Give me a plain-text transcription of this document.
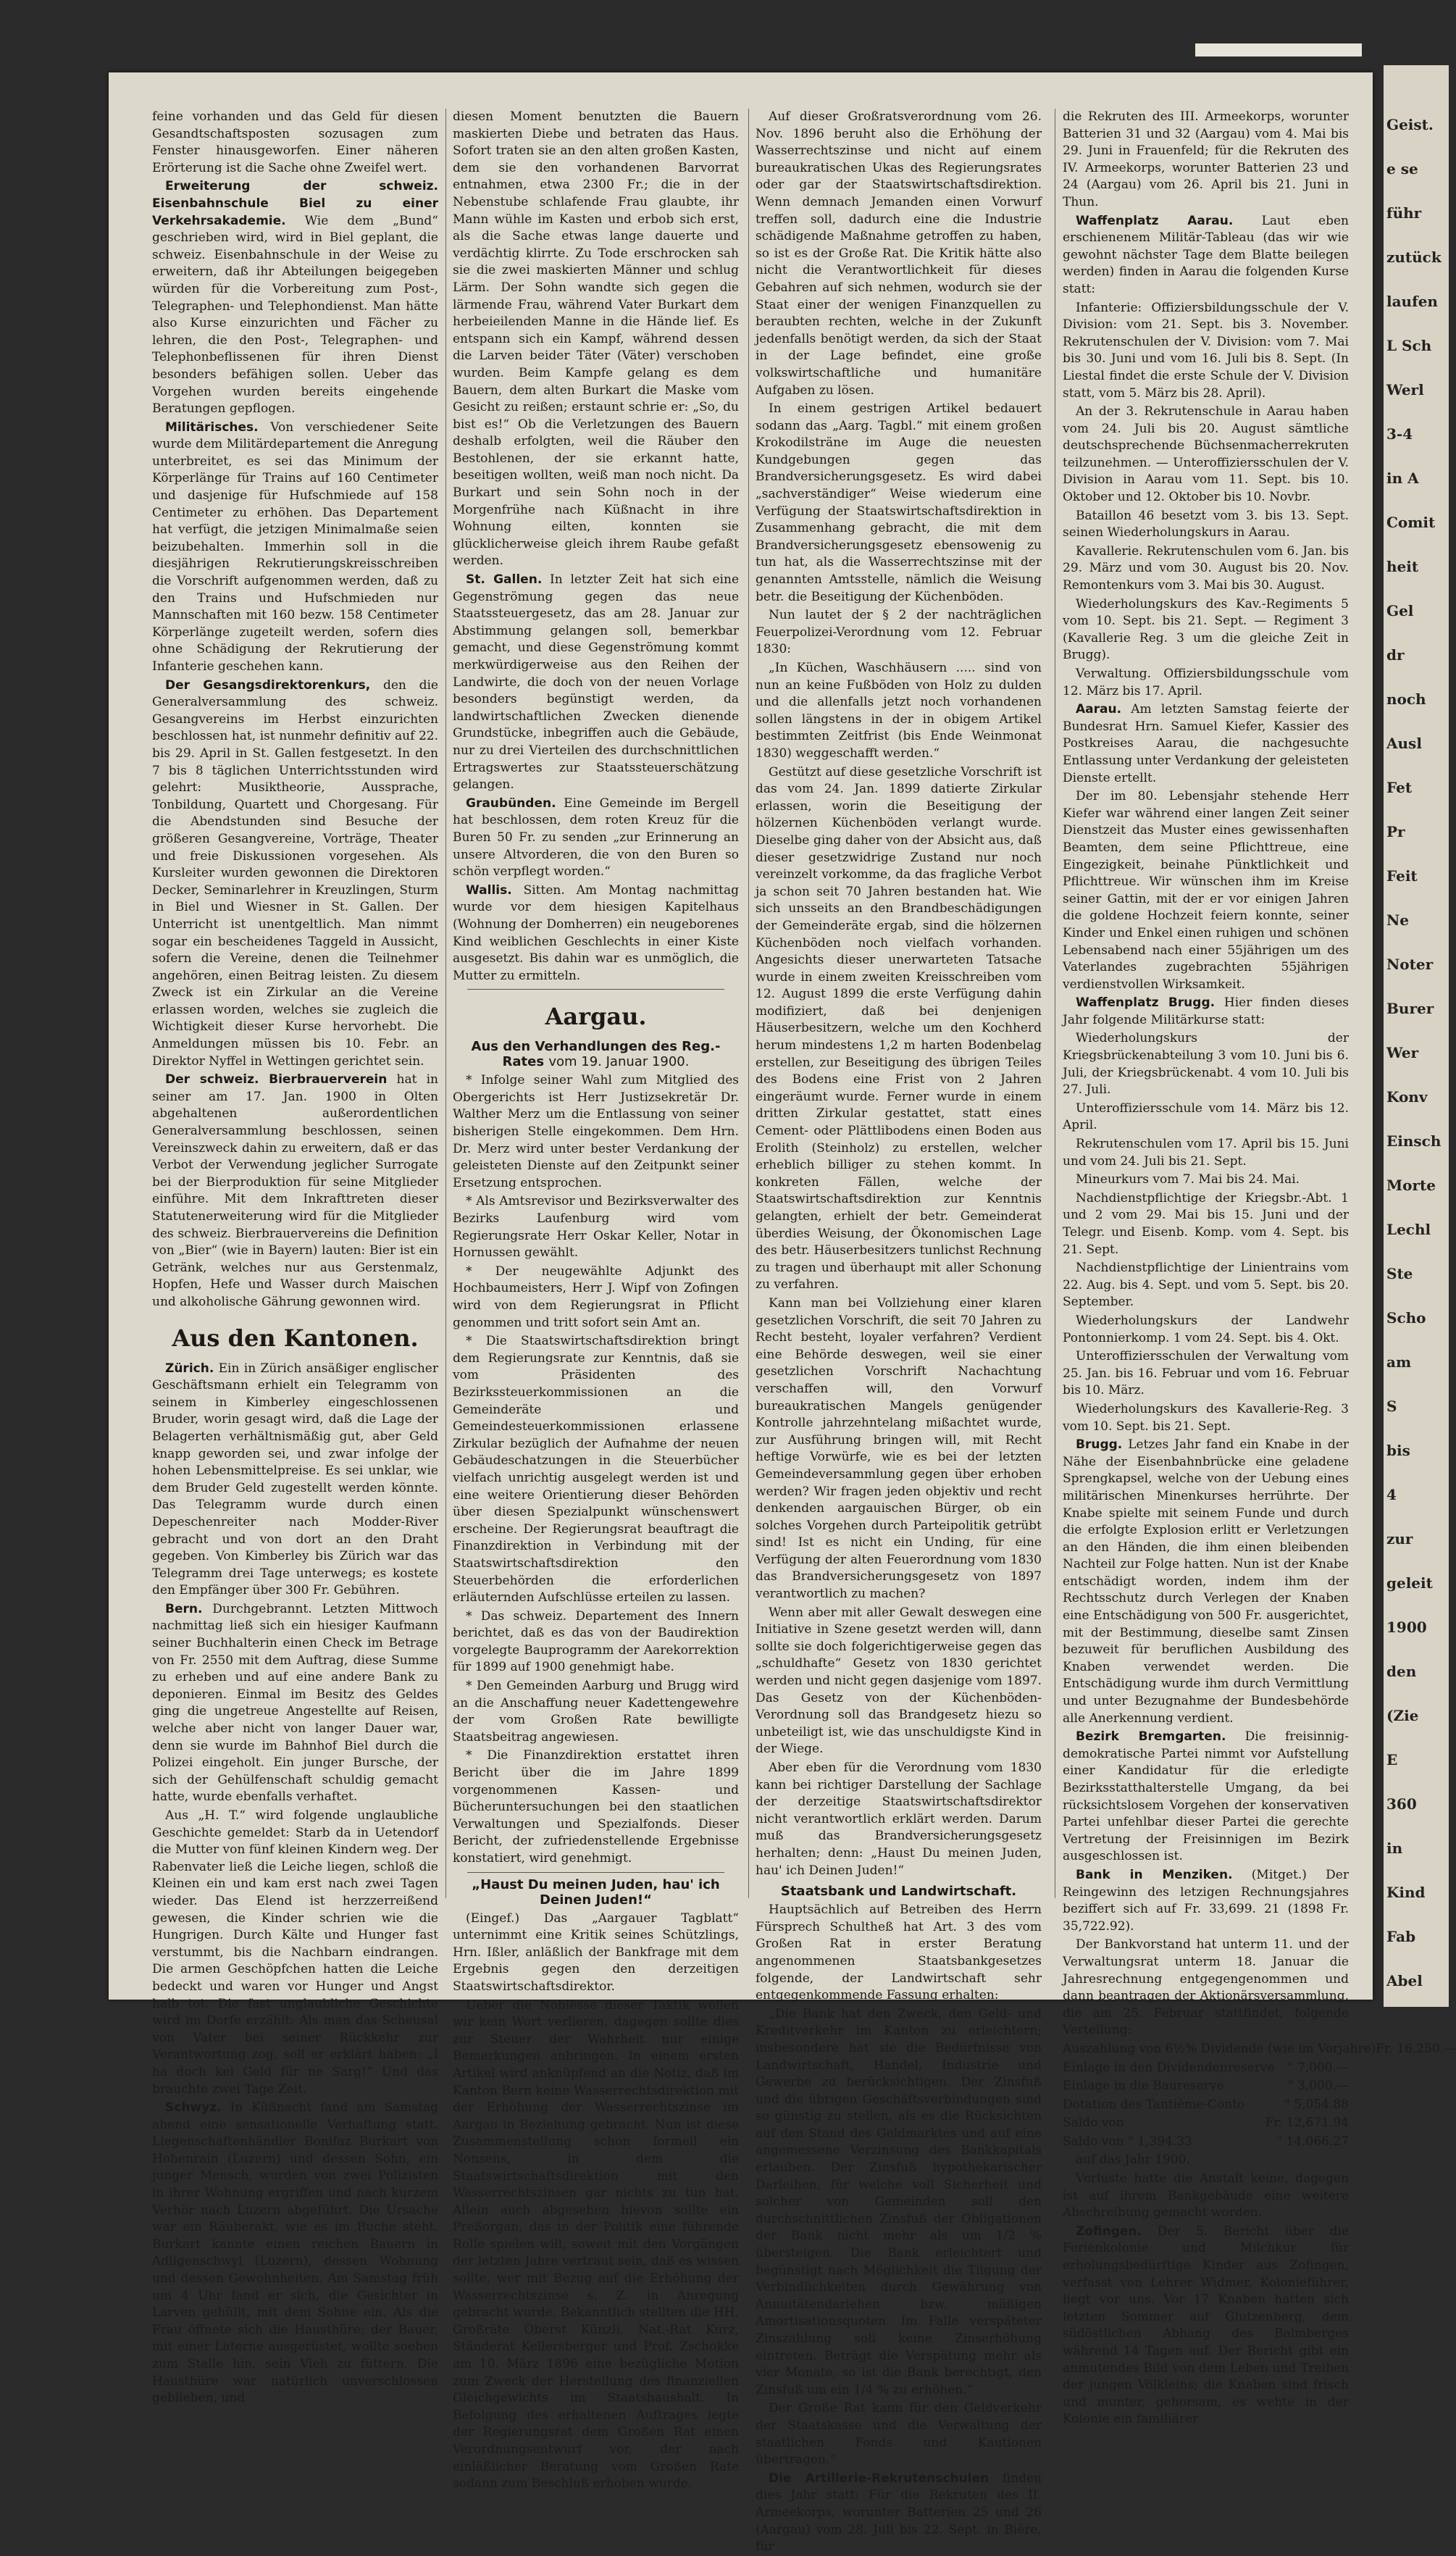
feine vorhanden und das Geld für diesen Gesandtschaftsposten sozusagen zum Fenster hinausgeworfen. Einer näheren Erörterung ist die Sache ohne Zweifel wert.

Erweiterung der schweiz. Eisenbahnschule Biel zu einer Verkehrsakademie. Wie dem „Bund“ geschrieben wird, wird in Biel geplant, die schweiz. Eisenbahnschule in der Weise zu erweitern, daß ihr Abteilungen beigegeben würden für die Vorbereitung zum Post-, Telegraphen- und Telephondienst. Man hätte also Kurse einzurichten und Fächer zu lehren, die den Post-, Telegraphen- und Telephonbeflissenen für ihren Dienst besonders befähigen sollen. Ueber das Vorgehen wurden bereits eingehende Beratungen gepflogen.

Militärisches. Von verschiedener Seite wurde dem Militärdepartement die Anregung unterbreitet, es sei das Minimum der Körperlänge für Trains auf 160 Centimeter und dasjenige für Hufschmiede auf 158 Centimeter zu erhöhen. Das Departement hat verfügt, die jetzigen Minimalmaße seien beizubehalten. Immerhin soll in die diesjährigen Rekrutierungskreisschreiben die Vorschrift aufgenommen werden, daß zu den Trains und Hufschmieden nur Mannschaften mit 160 bezw. 158 Centimeter Körperlänge zugeteilt werden, sofern dies ohne Schädigung der Rekrutierung der Infanterie geschehen kann.

Der Gesangsdirektorenkurs, den die Generalversammlung des schweiz. Gesangvereins im Herbst einzurichten beschlossen hat, ist nunmehr definitiv auf 22. bis 29. April in St. Gallen festgesetzt. In den 7 bis 8 täglichen Unterrichtsstunden wird gelehrt: Musiktheorie, Aussprache, Tonbildung, Quartett und Chorgesang. Für die Abendstunden sind Besuche der größeren Gesangvereine, Vorträge, Theater und freie Diskussionen vorgesehen. Als Kursleiter wurden gewonnen die Direktoren Decker, Seminarlehrer in Kreuzlingen, Sturm in Biel und Wiesner in St. Gallen. Der Unterricht ist unentgeltlich. Man nimmt sogar ein bescheidenes Taggeld in Aussicht, sofern die Vereine, denen die Teilnehmer angehören, einen Beitrag leisten. Zu diesem Zweck ist ein Zirkular an die Vereine erlassen worden, welches sie zugleich die Wichtigkeit dieser Kurse hervorhebt. Die Anmeldungen müssen bis 10. Febr. an Direktor Nyffel in Wettingen gerichtet sein.

Der schweiz. Bierbrauerverein hat in seiner am 17. Jan. 1900 in Olten abgehaltenen außerordentlichen Generalversammlung beschlossen, seinen Vereinszweck dahin zu erweitern, daß er das Verbot der Verwendung jeglicher Surrogate bei der Bierproduktion für seine Mitglieder einführe. Mit dem Inkrafttreten dieser Statutenerweiterung wird für die Mitglieder des schweiz. Bierbrauervereins die Definition von „Bier“ (wie in Bayern) lauten: Bier ist ein Getränk, welches nur aus Gerstenmalz, Hopfen, Hefe und Wasser durch Maischen und alkoholische Gährung gewonnen wird.

Aus den Kantonen.

Zürich. Ein in Zürich ansäßiger englischer Geschäftsmann erhielt ein Telegramm von seinem in Kimberley eingeschlossenen Bruder, worin gesagt wird, daß die Lage der Belagerten verhältnismäßig gut, aber Geld knapp geworden sei, und zwar infolge der hohen Lebensmittelpreise. Es sei unklar, wie dem Bruder Geld zugestellt werden könnte. Das Telegramm wurde durch einen Depeschenreiter nach Modder-River gebracht und von dort an den Draht gegeben. Von Kimberley bis Zürich war das Telegramm drei Tage unterwegs; es kostete den Empfänger über 300 Fr. Gebühren.

Bern. Durchgebrannt. Letzten Mittwoch nachmittag ließ sich ein hiesiger Kaufmann seiner Buchhalterin einen Check im Betrage von Fr. 2550 mit dem Auftrag, diese Summe zu erheben und auf eine andere Bank zu deponieren. Einmal im Besitz des Geldes ging die ungetreue Angestellte auf Reisen, welche aber nicht von langer Dauer war, denn sie wurde im Bahnhof Biel durch die Polizei eingeholt. Ein junger Bursche, der sich der Gehülfenschaft schuldig gemacht hatte, wurde ebenfalls verhaftet.

Aus „H. T.“ wird folgende unglaubliche Geschichte gemeldet: Starb da in Uetendorf die Mutter von fünf kleinen Kindern weg. Der Rabenvater ließ die Leiche liegen, schloß die Kleinen ein und kam erst nach zwei Tagen wieder. Das Elend ist herzzerreißend gewesen, die Kinder schrien wie die Hungrigen. Durch Kälte und Hunger fast verstummt, bis die Nachbarn eindrangen. Die armen Geschöpfchen hatten die Leiche bedeckt und waren vor Hunger und Angst halb tot. Die fast unglaubliche Geschichte wird im Dorfe erzählt: Als man das Scheusal von Vater bei seiner Rückkehr zur Verantwortung zog, soll er erklärt haben: „I ha doch kei Geld für ne Sarg!“ Und das brauchte zwei Tage Zeit.

Schwyz. In Küßnacht fand am Samstag abend eine sensationelle Verhaftung statt. Liegenschaftenhändler Bonifaz Burkart von Hohenrain (Luzern) und dessen Sohn, ein junger Mensch, wurden von zwei Polizisten in ihrer Wohnung ergriffen und nach kurzem Verhör nach Luzern abgeführt. Die Ursache war ein Räuberakt, wie es im Buche steht. Burkart kannte einen reichen Bauern in Adligenschwyl (Luzern), dessen Wohnung und dessen Gewohnheiten. Am Samstag früh um 4 Uhr fand er sich, die Gesichter in Larven gehüllt, mit dem Sohne ein. Als die Frau öffnete sich die Hausthüre; der Bauer, mit einer Laterne ausgerüstet, wollte soeben zum Stalle hin, sein Vieh zu füttern. Die Hausthüre war natürlich unverschlossen geblieben, und

diesen Moment benutzten die Bauern maskierten Diebe und betraten das Haus. Sofort traten sie an den alten großen Kasten, dem sie den vorhandenen Barvorrat entnahmen, etwa 2300 Fr.; die in der Nebenstube schlafende Frau glaubte, ihr Mann wühle im Kasten und erbob sich erst, als die Sache etwas lange dauerte und verdächtig klirrte. Zu Tode erschrocken sah sie die zwei maskierten Männer und schlug Lärm. Der Sohn wandte sich gegen die lärmende Frau, während Vater Burkart dem herbeieilenden Manne in die Hände lief. Es entspann sich ein Kampf, während dessen die Larven beider Täter (Väter) verschoben wurden. Beim Kampfe gelang es dem Bauern, dem alten Burkart die Maske vom Gesicht zu reißen; erstaunt schrie er: „So, du bist es!“ Ob die Verletzungen des Bauern deshalb erfolgten, weil die Räuber den Bestohlenen, der sie erkannt hatte, beseitigen wollten, weiß man noch nicht. Da Burkart und sein Sohn noch in der Morgenfrühe nach Küßnacht in ihre Wohnung eilten, konnten sie glücklicherweise gleich ihrem Raube gefaßt werden.

St. Gallen. In letzter Zeit hat sich eine Gegenströmung gegen das neue Staatssteuergesetz, das am 28. Januar zur Abstimmung gelangen soll, bemerkbar gemacht, und diese Gegenströmung kommt merkwürdigerweise aus den Reihen der Landwirte, die doch von der neuen Vorlage besonders begünstigt werden, da landwirtschaftlichen Zwecken dienende Grundstücke, inbegriffen auch die Gebäude, nur zu drei Vierteilen des durchschnittlichen Ertragswertes zur Staatssteuerschätzung gelangen.

Graubünden. Eine Gemeinde im Bergell hat beschlossen, dem roten Kreuz für die Buren 50 Fr. zu senden „zur Erinnerung an unsere Altvorderen, die von den Buren so schön verpflegt worden.“

Wallis. Sitten. Am Montag nachmittag wurde vor dem hiesigen Kapitelhaus (Wohnung der Domherren) ein neugeborenes Kind weiblichen Geschlechts in einer Kiste ausgesetzt. Bis dahin war es unmöglich, die Mutter zu ermitteln.

Aargau.
Aus den Verhandlungen des Reg.-Rates vom 19. Januar 1900.

* Infolge seiner Wahl zum Mitglied des Obergerichts ist Herr Justizsekretär Dr. Walther Merz um die Entlassung von seiner bisherigen Stelle eingekommen. Dem Hrn. Dr. Merz wird unter bester Verdankung der geleisteten Dienste auf den Zeitpunkt seiner Ersetzung entsprochen.

* Als Amtsrevisor und Bezirksverwalter des Bezirks Laufenburg wird vom Regierungsrate Herr Oskar Keller, Notar in Hornussen gewählt.

* Der neugewählte Adjunkt des Hochbaumeisters, Herr J. Wipf von Zofingen wird von dem Regierungsrat in Pflicht genommen und tritt sofort sein Amt an.

* Die Staatswirtschaftsdirektion bringt dem Regierungsrate zur Kenntnis, daß sie vom Präsidenten des Bezirkssteuerkommissionen an die Gemeinderäte und Gemeindesteuerkommissionen erlassene Zirkular bezüglich der Aufnahme der neuen Gebäudeschatzungen in die Steuerbücher vielfach unrichtig ausgelegt werden ist und eine weitere Orientierung dieser Behörden über diesen Spezialpunkt wünschenswert erscheine. Der Regierungsrat beauftragt die Finanzdirektion in Verbindung mit der Staatswirtschaftsdirektion den Steuerbehörden die erforderlichen erläuternden Aufschlüsse erteilen zu lassen.

* Das schweiz. Departement des Innern berichtet, daß es das von der Baudirektion vorgelegte Bauprogramm der Aarekorrektion für 1899 auf 1900 genehmigt habe.

* Den Gemeinden Aarburg und Brugg wird an die Anschaffung neuer Kadettengewehre der vom Großen Rate bewilligte Staatsbeitrag angewiesen.

* Die Finanzdirektion erstattet ihren Bericht über die im Jahre 1899 vorgenommenen Kassen- und Bücheruntersuchungen bei den staatlichen Verwaltungen und Spezialfonds. Dieser Bericht, der zufriedenstellende Ergebnisse konstatiert, wird genehmigt.

„Haust Du meinen Juden, hau' ich Deinen Juden!“

(Eingef.) Das „Aargauer Tagblatt“ unternimmt eine Kritik seines Schützlings, Hrn. Ißler, anläßlich der Bankfrage mit dem Ergebnis gegen den derzeitigen Staatswirtschaftsdirektor.

Ueber die Noblesse dieser Taktik wollen wir kein Wort verlieren, dagegen sollte dies zur Steuer der Wahrheit nur einige Bemerkungen anbringen. In einem ersten Artikel wird anknüpfend an die Notiz, daß im Kanton Bern keine Wasserrechtsdirektion mit der Erhöhung der Wasserrechtszinse im Aargau in Beziehung gebracht. Nun ist diese Zusammenstellung schon formell ein Nonsens, in dem die Staatswirtschaftsdirektion mit den Wasserrechtszinsen gar nichts zu tun hat. Allein auch abgesehen hievon sollte ein Preßorgan, das in der Politik eine führende Rolle spielen will, soweit mit den Vorgängen der letzten Jahre vertraut sein, daß es wissen sollte, wer mit Bezug auf die Erhöhung der Wasserrechtszinse s. Z. in Anregung gebracht wurde. Bekanntlich stellten die HH. Großräte Oberst Künzli, Nat.-Rat Kurz, Ständerat Kellersberger und Prof. Zschokke am 10. März 1896 eine bezügliche Motion zum Zweck der Herstellung des finanziellen Gleichgewichts im Staatshaushalt. In Befolgung des erhaltenen Auftrages legte der Regierungsrat dem Großen Rat einen Verordnungsentwurf vor, der nach einläßlicher Beratung vom Großen Rate sodann zum Beschluß erhoben wurde.

Auf dieser Großratsverordnung vom 26. Nov. 1896 beruht also die Erhöhung der Wasserrechtszinse und nicht auf einem bureaukratischen Ukas des Regierungsrates oder gar der Staatswirtschaftsdirektion. Wenn demnach Jemanden einen Vorwurf treffen soll, dadurch eine die Industrie schädigende Maßnahme getroffen zu haben, so ist es der Große Rat. Die Kritik hätte also nicht die Verantwortlichkeit für dieses Gebahren auf sich nehmen, wodurch sie der Staat einer der wenigen Finanzquellen zu beraubten rechten, welche in der Zukunft jedenfalls benötigt werden, da sich der Staat in der Lage befindet, eine große volkswirtschaftliche und humanitäre Aufgaben zu lösen.

In einem gestrigen Artikel bedauert sodann das „Aarg. Tagbl.“ mit einem großen Krokodilsträne im Auge die neuesten Kundgebungen gegen das Brandversicherungsgesetz. Es wird dabei „sachverständiger“ Weise wiederum eine Verfügung der Staatswirtschaftsdirektion in Zusammenhang gebracht, die mit dem Brandversicherungsgesetz ebensowenig zu tun hat, als die Wasserrechtszinse mit der genannten Amtsstelle, nämlich die Weisung betr. die Beseitigung der Küchenböden.

Nun lautet der § 2 der nachträglichen Feuerpolizei-Verordnung vom 12. Februar 1830:

„In Küchen, Waschhäusern ..... sind von nun an keine Fußböden von Holz zu dulden und die allenfalls jetzt noch vorhandenen sollen längstens in der in obigem Artikel bestimmten Zeitfrist (bis Ende Weinmonat 1830) weggeschafft werden.“

Gestützt auf diese gesetzliche Vorschrift ist das vom 24. Jan. 1899 datierte Zirkular erlassen, worin die Beseitigung der hölzernen Küchenböden verlangt wurde. Dieselbe ging daher von der Absicht aus, daß dieser gesetzwidrige Zustand nur noch vereinzelt vorkomme, da das fragliche Verbot ja schon seit 70 Jahren bestanden hat. Wie sich unsseits an den Brandbeschädigungen der Gemeinderäte ergab, sind die hölzernen Küchenböden noch vielfach vorhanden. Angesichts dieser unerwarteten Tatsache wurde in einem zweiten Kreisschreiben vom 12. August 1899 die erste Verfügung dahin modifiziert, daß bei denjenigen Häuserbesitzern, welche um den Kochherd herum mindestens 1,2 m harten Bodenbelag erstellen, zur Beseitigung des übrigen Teiles des Bodens eine Frist von 2 Jahren eingeräumt wurde. Ferner wurde in einem dritten Zirkular gestattet, statt eines Cement- oder Plättlibodens einen Boden aus Erolith (Steinholz) zu erstellen, welcher erheblich billiger zu stehen kommt. In konkreten Fällen, welche der Staatswirtschaftsdirektion zur Kenntnis gelangten, erhielt der betr. Gemeinderat überdies Weisung, der Ökonomischen Lage des betr. Häuserbesitzers tunlichst Rechnung zu tragen und überhaupt mit aller Schonung zu verfahren.

Kann man bei Vollziehung einer klaren gesetzlichen Vorschrift, die seit 70 Jahren zu Recht besteht, loyaler verfahren? Verdient eine Behörde deswegen, weil sie einer gesetzlichen Vorschrift Nachachtung verschaffen will, den Vorwurf bureaukratischen Mangels genügender Kontrolle jahrzehntelang mißachtet wurde, zur Ausführung bringen will, mit Recht heftige Vorwürfe, wie es bei der letzten Gemeindeversammlung gegen über erhoben werden? Wir fragen jeden objektiv und recht denkenden aargauischen Bürger, ob ein solches Vorgehen durch Parteipolitik getrübt sind! Ist es nicht ein Unding, für eine Verfügung der alten Feuerordnung vom 1830 das Brandversicherungsgesetz von 1897 verantwortlich zu machen?

Wenn aber mit aller Gewalt deswegen eine Initiative in Szene gesetzt werden will, dann sollte sie doch folgerichtigerweise gegen das „schuldhafte“ Gesetz von 1830 gerichtet werden und nicht gegen dasjenige vom 1897. Das Gesetz von der Küchenböden-Verordnung soll das Brandgesetz hiezu so unbeteiligt ist, wie das unschuldigste Kind in der Wiege.

Aber eben für die Verordnung vom 1830 kann bei richtiger Darstellung der Sachlage der derzeitige Staatswirtschaftsdirektor nicht verantwortlich erklärt werden. Darum muß das Brandversicherungsgesetz herhalten; denn: „Haust Du meinen Juden, hau' ich Deinen Juden!“

Staatsbank und Landwirtschaft.

Hauptsächlich auf Betreiben des Herrn Fürsprech Schultheß hat Art. 3 des vom Großen Rat in erster Beratung angenommenen Staatsbankgesetzes folgende, der Landwirtschaft sehr entgegenkommende Fassung erhalten:

„Die Bank hat den Zweck, den Geld- und Kreditverkehr im Kanton zu erleichtern; insbesondere hat sie die Bedürfnisse von Landwirtschaft, Handel, Industrie und Gewerbe zu berücksichtigen. Der Zinsfuß und die übrigen Geschäftsverbindungen sind so günstig zu stellen, als es die Rücksichten auf den Stand des Geldmarktes und auf eine angemessene Verzinsung des Bankkapitals erlauben. Der Zinsfuß hypothekarischer Darleihen, für welche voll Sicherheit und solcher von Gemeinden soll den durchschnittlichen Zinsfuß der Obligationen der Bank nicht mehr als um 1/2 % übersteigen. Die Bank erleichtert und begünstigt nach Möglichkeit die Tilgung der Verbindlichkeiten durch Gewährung von Annuitätendarlehen bzw. mäßigen Amortisationsquoten. Im Falle verspäteter Zinszahlung soll keine Zinserhöhung eintreten. Beträgt die Verspätung mehr als vier Monate, so ist die Bank berechtigt, den Zinsfuß um ein 1/4 % zu erhöhen.“

Der Große Rat kann für den Geldverkehr der Staatskasse und die Verwaltung der staatlichen Fonds und Kautionen übertragen.“

Die Artillerie-Rekrutenschulen finden dies Jahr statt: Für die Rekruten des II. Armeekorps, worunter Batterien 25 und 26 (Aargau) vom 28. Juli bis 22. Sept. in Bière, für

die Rekruten des III. Armeekorps, worunter Batterien 31 und 32 (Aargau) vom 4. Mai bis 29. Juni in Frauenfeld; für die Rekruten des IV. Armeekorps, worunter Batterien 23 und 24 (Aargau) vom 26. April bis 21. Juni in Thun.

Waffenplatz Aarau. Laut eben erschienenem Militär-Tableau (das wir wie gewohnt nächster Tage dem Blatte beilegen werden) finden in Aarau die folgenden Kurse statt:

Infanterie: Offiziersbildungsschule der V. Division: vom 21. Sept. bis 3. November. Rekrutenschulen der V. Division: vom 7. Mai bis 30. Juni und vom 16. Juli bis 8. Sept. (In Liestal findet die erste Schule der V. Division statt, vom 5. März bis 28. April).

An der 3. Rekrutenschule in Aarau haben vom 24. Juli bis 20. August sämtliche deutschsprechende Büchsenmacherrekruten teilzunehmen. — Unteroffiziersschulen der V. Division in Aarau vom 11. Sept. bis 10. Oktober und 12. Oktober bis 10. Novbr.

Bataillon 46 besetzt vom 3. bis 13. Sept. seinen Wiederholungskurs in Aarau.

Kavallerie. Rekrutenschulen vom 6. Jan. bis 29. März und vom 30. August bis 20. Nov. Remontenkurs vom 3. Mai bis 30. August.

Wiederholungskurs des Kav.-Regiments 5 vom 10. Sept. bis 21. Sept. — Regiment 3 (Kavallerie Reg. 3 um die gleiche Zeit in Brugg).

Verwaltung. Offiziersbildungsschule vom 12. März bis 17. April.

Aarau. Am letzten Samstag feierte der Bundesrat Hrn. Samuel Kiefer, Kassier des Postkreises Aarau, die nachgesuchte Entlassung unter Verdankung der geleisteten Dienste ertellt.

Der im 80. Lebensjahr stehende Herr Kiefer war während einer langen Zeit seiner Dienstzeit das Muster eines gewissenhaften Beamten, dem seine Pflichttreue, eine Eingezigkeit, beinahe Pünktlichkeit und Pflichttreue. Wir wünschen ihm im Kreise seiner Gattin, mit der er vor einigen Jahren die goldene Hochzeit feiern konnte, seiner Kinder und Enkel einen ruhigen und schönen Lebensabend nach einer 55jährigen um des Vaterlandes zugebrachten 55jährigen verdienstvollen Wirksamkeit.

Waffenplatz Brugg. Hier finden dieses Jahr folgende Militärkurse statt:

Wiederholungskurs der Kriegsbrückenabteilung 3 vom 10. Juni bis 6. Juli, der Kriegsbrückenabt. 4 vom 10. Juli bis 27. Juli.

Unteroffiziersschule vom 14. März bis 12. April.

Rekrutenschulen vom 17. April bis 15. Juni und vom 24. Juli bis 21. Sept.

Mineurkurs vom 7. Mai bis 24. Mai.

Nachdienstpflichtige der Kriegsbr.-Abt. 1 und 2 vom 29. Mai bis 15. Juni und der Telegr. und Eisenb. Komp. vom 4. Sept. bis 21. Sept.

Nachdienstpflichtige der Linientrains vom 22. Aug. bis 4. Sept. und vom 5. Sept. bis 20. September.

Wiederholungskurs der Landwehr Pontonnierkomp. 1 vom 24. Sept. bis 4. Okt.

Unteroffiziersschulen der Verwaltung vom 25. Jan. bis 16. Februar und vom 16. Februar bis 10. März.

Wiederholungskurs des Kavallerie-Reg. 3 vom 10. Sept. bis 21. Sept.

Brugg. Letzes Jahr fand ein Knabe in der Nähe der Eisenbahnbrücke eine geladene Sprengkapsel, welche von der Uebung eines militärischen Minenkurses herrührte. Der Knabe spielte mit seinem Funde und durch die erfolgte Explosion erlitt er Verletzungen an den Händen, die ihm einen bleibenden Nachteil zur Folge hatten. Nun ist der Knabe entschädigt worden, indem ihm der Rechtsschutz durch Verlegen der Knaben eine Entschädigung von 500 Fr. ausgerichtet, mit der Bestimmung, dieselbe samt Zinsen bezuweit für beruflichen Ausbildung des Knaben verwendet werden. Die Entschädigung wurde ihm durch Vermittlung und unter Bezugnahme der Bundesbehörde alle Anerkennung verdient.

Bezirk Bremgarten. Die freisinnig-demokratische Partei nimmt vor Aufstellung einer Kandidatur für die erledigte Bezirksstatthalterstelle Umgang, da bei rücksichtslosem Vorgehen der konservativen Partei unfehlbar dieser Partei die gerechte Vertretung der Freisinnigen im Bezirk ausgeschlossen ist.

Bank in Menziken. (Mitget.) Der Reingewinn des letzigen Rechnungsjahres beziffert sich auf Fr. 33,699. 21 (1898 Fr. 35,722.92).

Der Bankvorstand hat unterm 11. und der Verwaltungsrat unterm 18. Januar die Jahresrechnung entgegengenommen und dann beantragen der Aktionärsversammlung, die am 25. Februar stattfindet, folgende Verteilung:

Auszahlung von 6½% Dividende (wie im Vorjahre) Fr. 16,250.—

Einlage in den Dividendenreserve " 7,000.—

Einlage in die Baureserve	" 3,000.—

Dotation des Tantième-Conto	" 5,054.88

Saldo von	Fr. 12,671.94

Saldo von " 1,394.33	" 14,066.27

auf das Jahr 1900.

Verluste hatte die Anstalt keine, dagegen ist auf ihrem Bankgebäude eine weitere Abschreibung gemacht worden.

Zofingen. Der 5. Bericht über die Ferienkolonie und Milchkur für erholungsbedürftige Kinder aus Zofingen, verfasst von Lehrer Widmer, Kolonieführer, liegt vor uns. Vor 17 Knaben hatten sich letzten Sommer auf Glutzenberg, dem südöstlichen Abhang des Balmberges während 14 Tagen auf. Der Bericht gibt ein anmutendes Bild von dem Leben und Treiben der jungen Völkleins; die Knaben sind frisch und munter, gehorsam, es wehte in der Kolonie ein familiärer

Geist.
e se
führ
zutück
laufen
L Sch
Werl
3-4
in A
Comit
heit
Gel
dr
noch
Ausl
Fet
Pr
Feit
Ne
Noter
Burer
Wer
Konv
Einsch
Morte
Lechl
Ste
Scho
am
S
bis
4
zur
geleit
1900
den
(Zie
E
360
in
Kind
Fab
Abel
